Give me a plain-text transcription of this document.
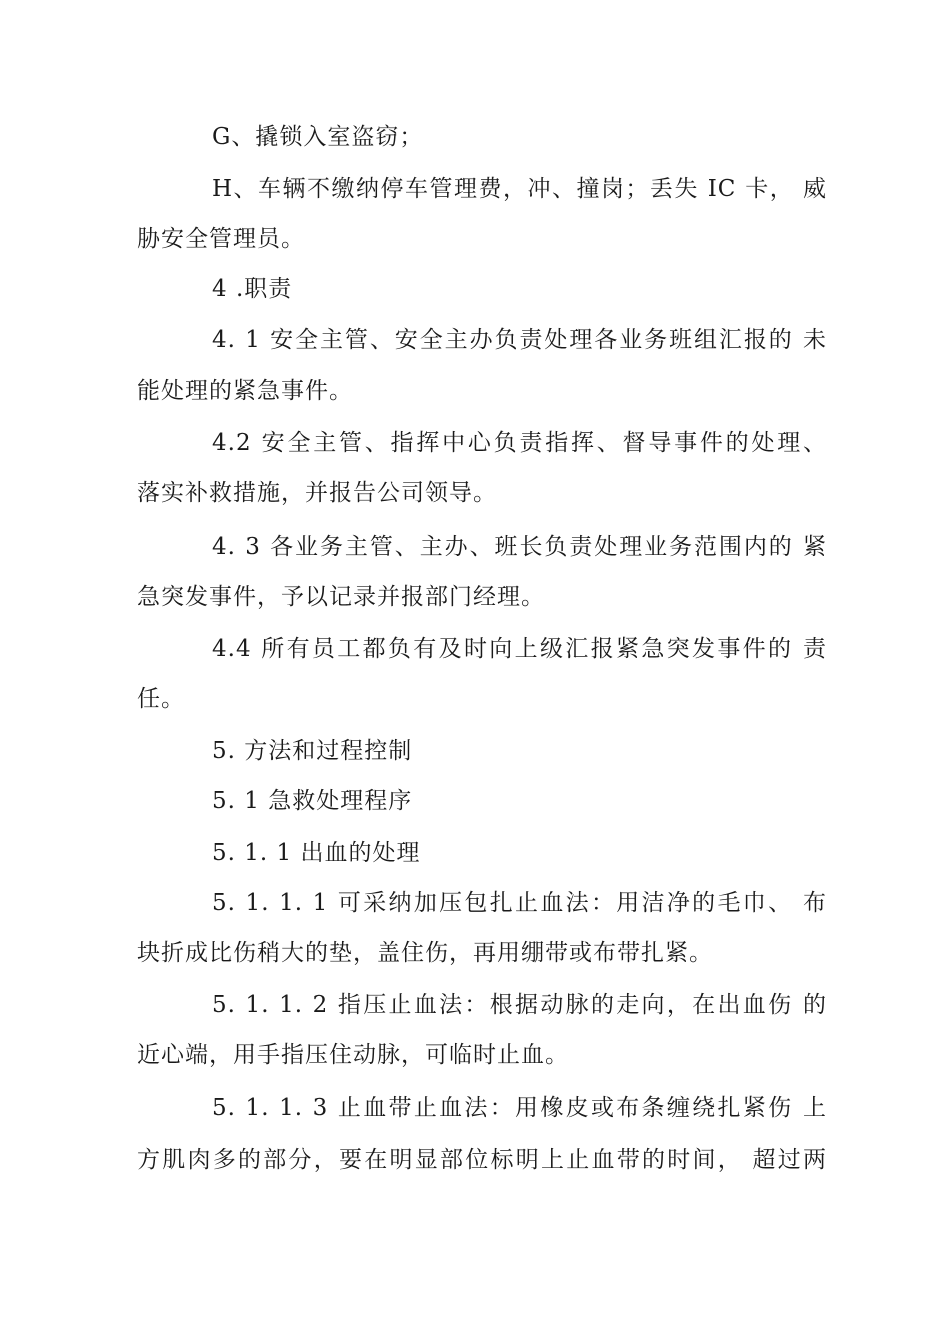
G、撬锁入室盗窃；
H、车辆不缴纳停车管理费，冲、撞岗；丢失 IC 卡， 威
胁安全管理员。
4 .职责
4. 1 安全主管、安全主办负责处理各业务班组汇报的 未
能处理的紧急事件。
4.2 安全主管、指挥中心负责指挥、督导事件的处理、
落实补救措施，并报告公司领导。
4. 3 各业务主管、主办、班长负责处理业务范围内的 紧
急突发事件，予以记录并报部门经理。
4.4 所有员工都负有及时向上级汇报紧急突发事件的 责
任。
5. 方法和过程控制
5. 1 急救处理程序
5. 1. 1 出血的处理
5. 1. 1. 1 可采纳加压包扎止血法：用洁净的毛巾、 布
块折成比伤稍大的垫，盖住伤，再用绷带或布带扎紧。
5. 1. 1. 2 指压止血法：根据动脉的走向，在出血伤 的
近心端，用手指压住动脉，可临时止血。
5. 1. 1. 3 止血带止血法：用橡皮或布条缠绕扎紧伤 上
方肌肉多的部分，要在明显部位标明上止血带的时间， 超过两
